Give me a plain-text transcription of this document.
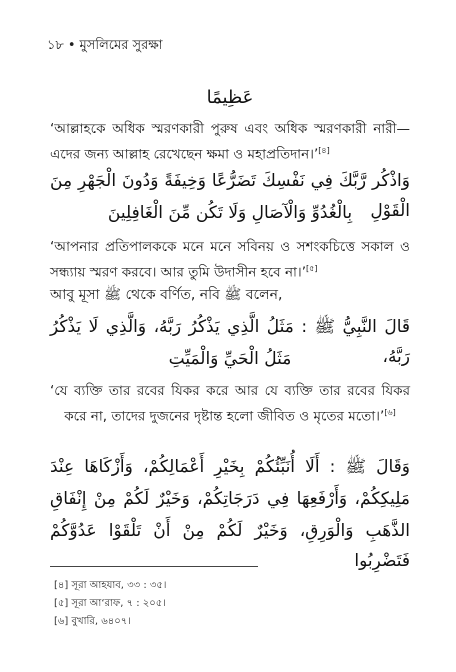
১৮ • মুসলিমের সুরক্ষা
عَظِيمًا
‘আল্লাহকে অধিক স্মরণকারী পুরুষ এবং অধিক স্মরণকারী নারী—এদের জন্য আল্লাহ রেখেছেন ক্ষমা ও মহাপ্রতিদান।’[৪]
وَاذْكُر رَّبَّكَ فِي نَفْسِكَ تَضَرُّعًا وَخِيفَةً وَدُونَ الْجَهْرِ مِنَ الْقَوْلِ
بِالْغُدُوِّ وَالْآصَالِ وَلَا تَكُن مِّنَ الْغَافِلِينَ
‘আপনার প্রতিপালককে মনে মনে সবিনয় ও সশংকচিত্তে সকাল ও সন্ধ্যায় স্মরণ করবে। আর তুমি উদাসীন হবে না।’[৫]
আবু মূসা ﷺ থেকে বর্ণিত, নবি ﷺ বলেন,
قَالَ النَّبِيُّ ﷺ : مَثَلُ الَّذِي يَذْكُرُ رَبَّهُ، وَالَّذِي لَا يَذْكُرُ رَبَّهُ،
مَثَلُ الْحَيِّ وَالْمَيِّتِ
‘যে ব্যক্তি তার রবের যিকর করে আর যে ব্যক্তি তার রবের যিকর করে না, তাদের দুজনের দৃষ্টান্ত হলো জীবিত ও মৃতের মতো।’[৬]
وَقَالَ ﷺ : أَلَا أُنَبِّئُكُمْ بِخَيْرِ أَعْمَالِكُمْ، وَأَزْكَاهَا عِنْدَ
مَلِيكِكُمْ، وَأَرْفَعِهَا فِي دَرَجَاتِكُمْ، وَخَيْرٌ لَكُمْ مِنْ إِنْفَاقِ
الذَّهَبِ وَالْوَرِقِ، وَخَيْرٌ لَكُمْ مِنْ أَنْ تَلْقَوْا عَدُوَّكُمْ فَتَضْرِبُوا
[৪] সূরা আহযাব, ৩৩ : ৩৫।
[৫] সূরা আ‘রাফ, ৭ : ২০৫।
[৬] বুখারি, ৬৪০৭।
